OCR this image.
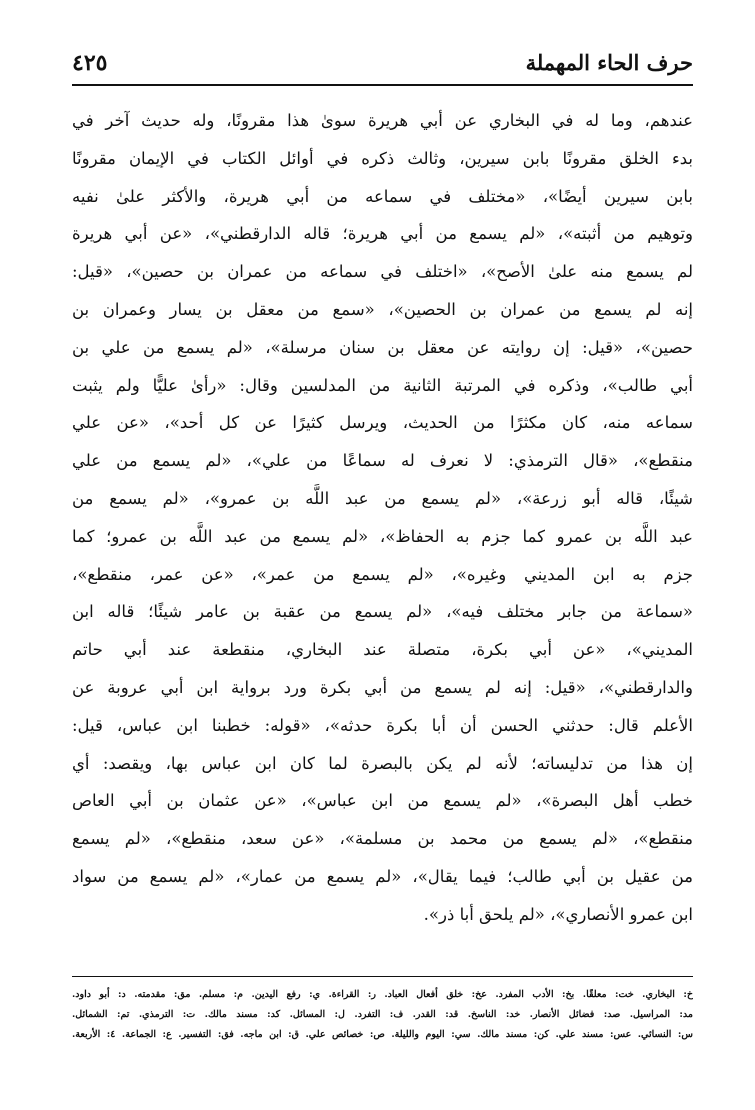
حرف الحاء المهملة
٤٢٥
عندهم، وما له في البخاري عن أبي هريرة سوىٰ هذا مقرونًا، وله حديث آخر في
بدء الخلق مقرونًا بابن سيرين، وثالث ذكره في أوائل الكتاب في الإيمان مقرونًا
بابن سيرين أيضًا»، «مختلف في سماعه من أبي هريرة، والأكثر علىٰ نفيه
وتوهيم من أثبته»، «لم يسمع من أبي هريرة؛ قاله الدارقطني»، «عن أبي هريرة
لم يسمع منه علىٰ الأصح»، «اختلف في سماعه من عمران بن حصين»، «قيل:
إنه لم يسمع من عمران بن الحصين»، «سمع من معقل بن يسار وعمران بن
حصين»، «قيل: إن روايته عن معقل بن سنان مرسلة»، «لم يسمع من علي بن
أبي طالب»، وذكره في المرتبة الثانية من المدلسين وقال: «رأىٰ عليًّا ولم يثبت
سماعه منه، كان مكثرًا من الحديث، ويرسل كثيرًا عن كل أحد»، «عن علي
منقطع»، «قال الترمذي: لا نعرف له سماعًا من علي»، «لم يسمع من علي
شيئًا، قاله أبو زرعة»، «لم يسمع من عبد اللَّه بن عمرو»، «لم يسمع من
عبد اللَّه بن عمرو كما جزم به الحفاظ»، «لم يسمع من عبد اللَّه بن عمرو؛ كما
جزم به ابن المديني وغيره»، «لم يسمع من عمر»، «عن عمر، منقطع»،
«سماعة من جابر مختلف فيه»، «لم يسمع من عقبة بن عامر شيئًا؛ قاله ابن
المديني»، «عن أبي بكرة، متصلة عند البخاري، منقطعة عند أبي حاتم
والدارقطني»، «قيل: إنه لم يسمع من أبي بكرة ورد برواية ابن أبي عروبة عن
الأعلم قال: حدثني الحسن أن أبا بكرة حدثه»، «قوله: خطبنا ابن عباس، قيل:
إن هذا من تدليساته؛ لأنه لم يكن بالبصرة لما كان ابن عباس بها، ويقصد: أي
خطب أهل البصرة»، «لم يسمع من ابن عباس»، «عن عثمان بن أبي العاص
منقطع»، «لم يسمع من محمد بن مسلمة»، «عن سعد، منقطع»، «لم يسمع
من عقيل بن أبي طالب؛ فيما يقال»، «لم يسمع من عمار»، «لم يسمع من سواد
ابن عمرو الأنصاري»، «لم يلحق أبا ذر».
خ: البخاري. خت: معلقًا. بخ: الأدب المفرد. عخ: خلق أفعال العباد. ر: القراءة. ي: رفع اليدين. م: مسلم. مق: مقدمته. د: أبو داود.
مد: المراسيل. صد: فضائل الأنصار. خد: الناسخ. قد: القدر. ف: التفرد. ل: المسائل. كد: مسند مالك. ت: الترمذي. تم: الشمائل.
س: النسائي. عس: مسند علي. كن: مسند مالك. سي: اليوم والليلة. ص: خصائص علي. ق: ابن ماجه. فق: التفسير. ع: الجماعة. ٤: الأربعة.
